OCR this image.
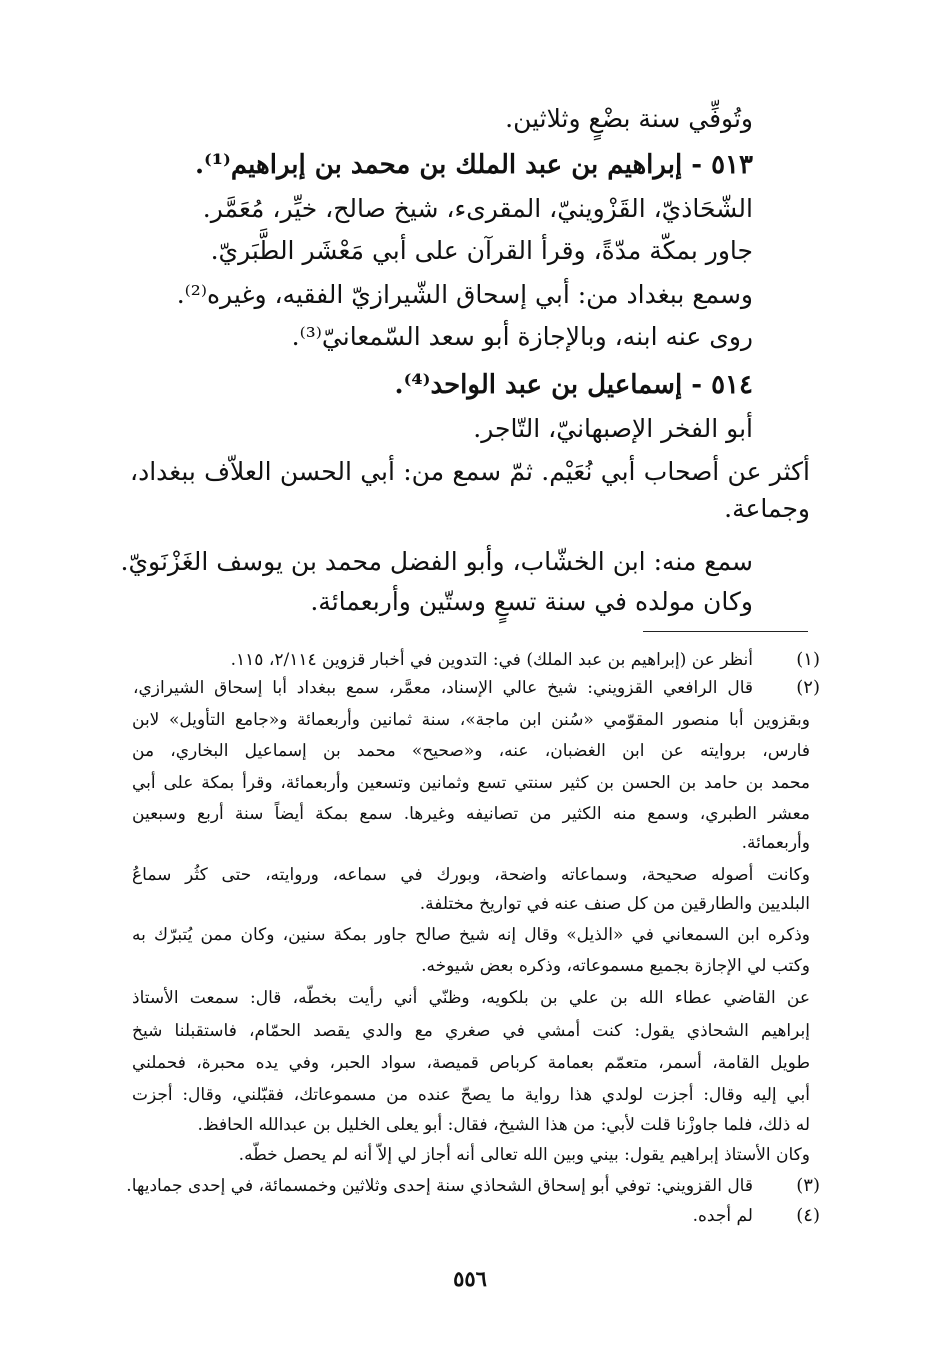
وتُوفِّي سنة بضْعٍ وثلاثين.
٥١٣ - إبراهيم بن عبد الملك بن محمد بن إبراهيم⁽¹⁾.
الشّحَاذيّ، القَزْوينيّ، المقرىء، شيخ صالح، خيِّر، مُعَمَّر.
جاور بمكّة مدّةً، وقرأ القرآن على أبي مَعْشَر الطَّبَريّ.
وسمع ببغداد من: أبي إسحاق الشّيرازيّ الفقيه، وغيره⁽²⁾.
روى عنه ابنه، وبالإجازة أبو سعد السّمعانيّ⁽³⁾.
٥١٤ - إسماعيل بن عبد الواحد⁽⁴⁾.
أبو الفخر الإصبهانيّ، التّاجر.
أكثر عن أصحاب أبي نُعَيْم. ثمّ سمع من: أبي الحسن العلاّف ببغداد،
وجماعة.
سمع منه: ابن الخشّاب، وأبو الفضل محمد بن يوسف الغَزْنَويّ.
وكان مولده في سنة تسعٍ وستّين وأربعمائة.
(١)
أنظر عن (إبراهيم بن عبد الملك) في: التدوين في أخبار قزوين ٢/١١٤، ١١٥.
(٢)
قال الرافعي القزويني: شيخ عالي الإسناد، معمَّر، سمع ببغداد أبا إسحاق الشيرازي،
وبقزوين أبا منصور المقوّمي «سُنن ابن ماجة»، سنة ثمانين وأربعمائة و«جامع التأويل» لابن
فارس، بروايته عن ابن الغضبان، عنه، و«صحيح» محمد بن إسماعيل البخاري، من
محمد بن حامد بن الحسن بن كثير سنتي تسع وثمانين وتسعين وأربعمائة، وقرأ بمكة على أبي
معشر الطبري، وسمع منه الكثير من تصانيفه وغيرها. سمع بمكة أيضاً سنة أربع وسبعين
وأربعمائة.
وكانت أصوله صحيحة، وسماعاته واضحة، وبورك في سماعه، وروايته، حتى كثُر سماعُ
البلديين والطارقين من كل صنف عنه في تواريخ مختلفة.
وذكره ابن السمعاني في «الذيل» وقال إنه شيخ صالح جاور بمكة سنين، وكان ممن يُتبرّك به
وكتب لي الإجازة بجميع مسموعاته، وذكره بعض شيوخه.
عن القاضي عطاء الله بن علي بن بلكويه، وظنّي أني رأيت بخطّه، قال: سمعت الأستاذ
إبراهيم الشحاذي يقول: كنت أمشي في صغري مع والدي يقصد الحمّام، فاستقبلنا شيخ
طويل القامة، أسمر، متعمّم بعمامة كرباص قميصة، سواد الحبر، وفي يده محبرة، فحملني
أبي إليه وقال: أجزت لولدي هذا رواية ما يصحّ عنده من مسموعاتك، فقبّلني، وقال: أجزت
له ذلك، فلما جاوزْنا قلت لأبي: من هذا الشيخ، فقال: أبو يعلى الخليل بن عبدالله الحافظ.
وكان الأستاذ إبراهيم يقول: بيني وبين الله تعالى أنه أجاز لي إلاّ أنه لم يحصل خطّه.
(٣)
قال القزويني: توفي أبو إسحاق الشحاذي سنة إحدى وثلاثين وخمسمائة، في إحدى جماديها.
(٤)
لم أجده.
٥٥٦
